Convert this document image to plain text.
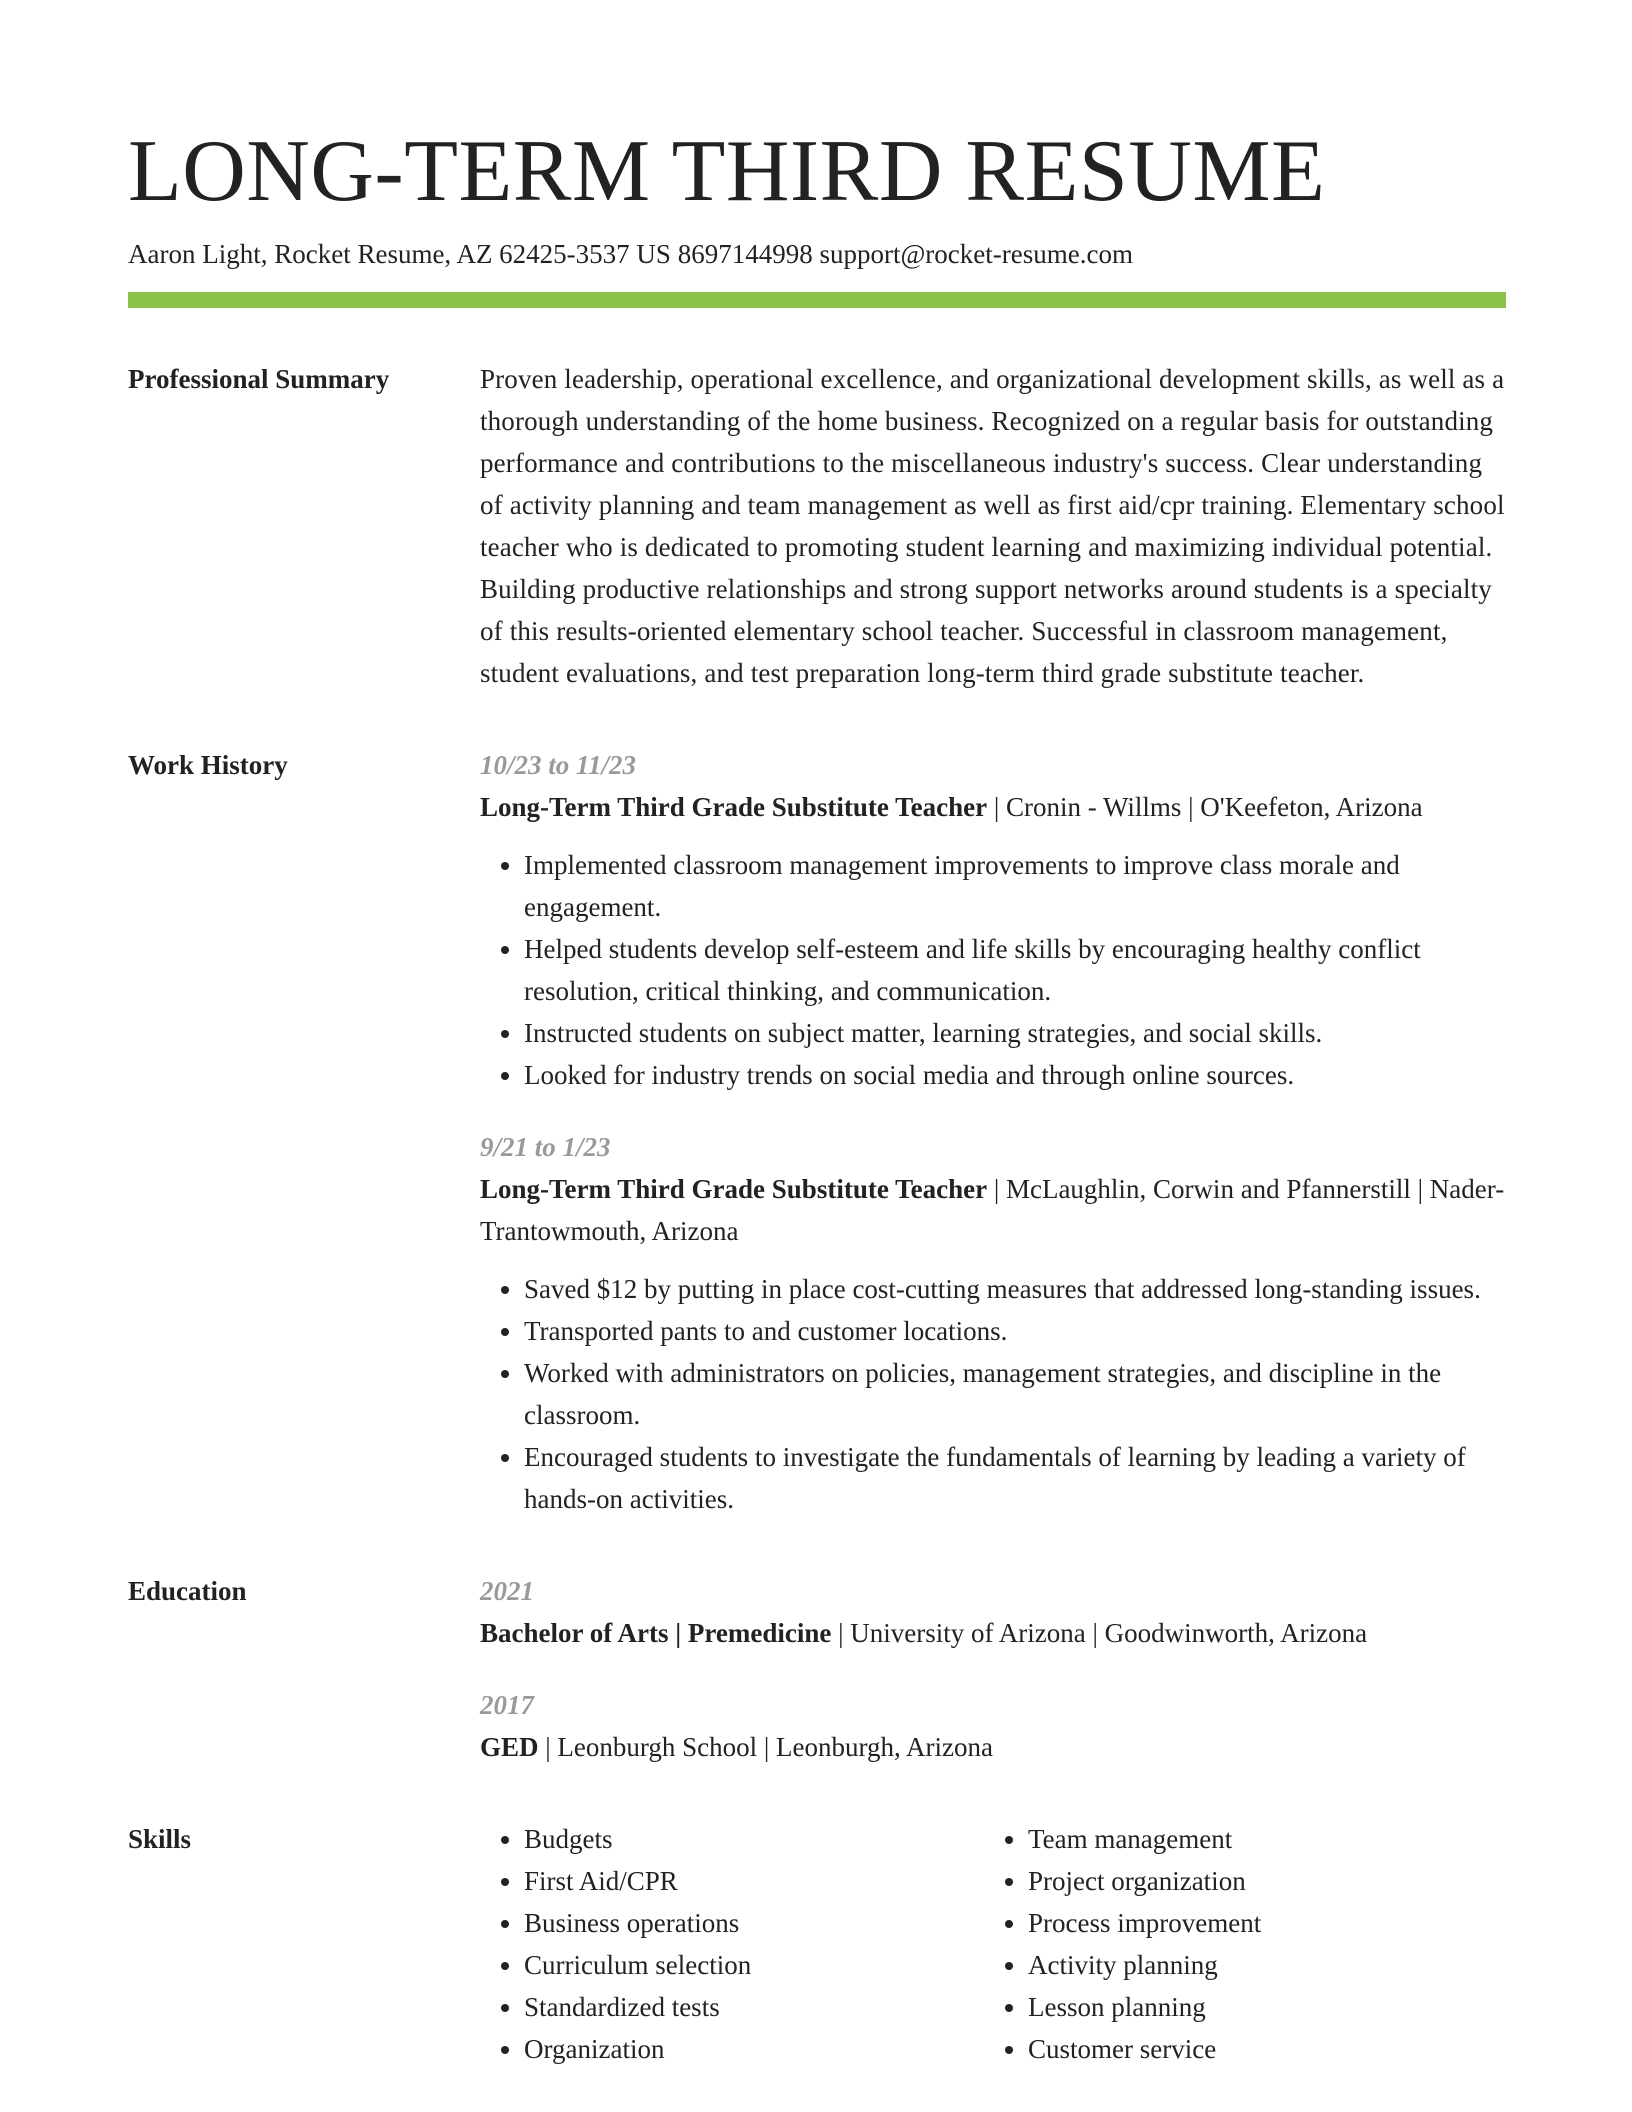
LONG-TERM THIRD RESUME
Aaron Light, Rocket Resume, AZ 62425-3537 US 8697144998 support@rocket-resume.com
Professional Summary	Proven leadership, operational excellence, and organizational development skills, as well as a thorough understanding of the home business. Recognized on a regular basis for outstanding performance and contributions to the miscellaneous industry's success. Clear understanding of activity planning and team management as well as first aid/cpr training. Elementary school teacher who is dedicated to promoting student learning and maximizing individual potential. Building productive relationships and strong support networks around students is a specialty of this results-oriented elementary school teacher. Successful in classroom management, student evaluations, and test preparation long-term third grade substitute teacher.

Work History	10/23 to 11/23
Long-Term Third Grade Substitute Teacher | Cronin - Willms | O'Keefeton, Arizona
• Implemented classroom management improvements to improve class morale and engagement.
• Helped students develop self-esteem and life skills by encouraging healthy conflict resolution, critical thinking, and communication.
• Instructed students on subject matter, learning strategies, and social skills.
• Looked for industry trends on social media and through online sources.
9/21 to 1/23
Long-Term Third Grade Substitute Teacher | McLaughlin, Corwin and Pfannerstill | Nader-Trantowmouth, Arizona
• Saved $12 by putting in place cost-cutting measures that addressed long-standing issues.
• Transported pants to and customer locations.
• Worked with administrators on policies, management strategies, and discipline in the classroom.
• Encouraged students to investigate the fundamentals of learning by leading a variety of hands-on activities.
Education	2021
Bachelor of Arts | Premedicine | University of Arizona | Goodwinworth, Arizona
2017
GED | Leonburgh School | Leonburgh, Arizona
Skills
•	Budgets
• First Aid/CPR
• Business operations
• Curriculum selection
• Standardized tests
• Organization
• Team management
• Project organization
• Process improvement
• Activity planning
• Lesson planning
• Customer service
